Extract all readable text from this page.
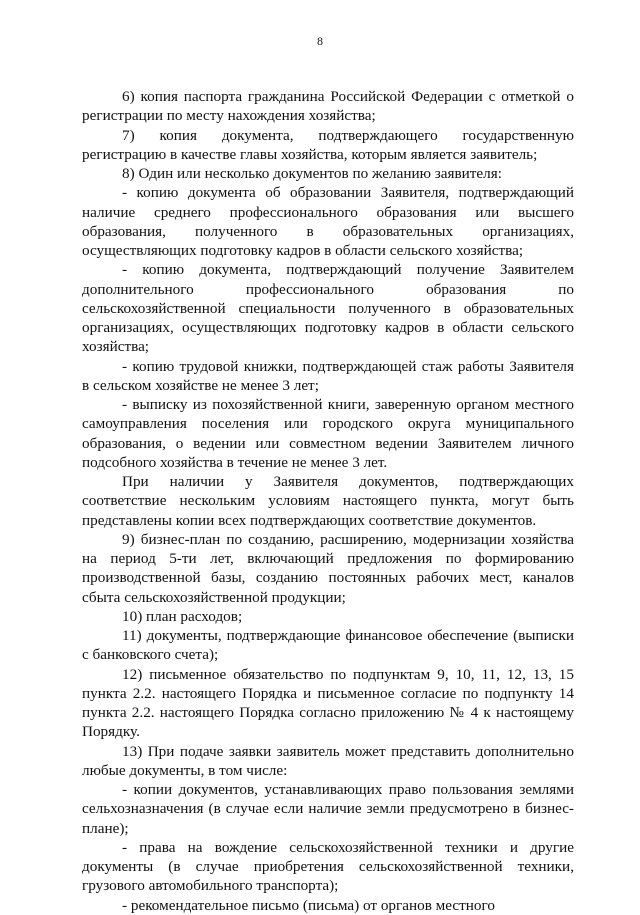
8

6) копия паспорта гражданина Российской Федерации с отметкой о регистрации по месту нахождения хозяйства;

7) копия документа, подтверждающего государственную регистрацию в качестве главы хозяйства, которым является заявитель;

8) Один или несколько документов по желанию заявителя:

- копию документа об образовании Заявителя, подтверждающий наличие среднего профессионального образования или высшего образования, полученного в образовательных организациях, осуществляющих подготовку кадров в области сельского хозяйства;

- копию документа, подтверждающий получение Заявителем дополнительного профессионального образования по сельскохозяйственной специальности полученного в образовательных организациях, осуществляющих подготовку кадров в области сельского хозяйства;

- копию трудовой книжки, подтверждающей стаж работы Заявителя в сельском хозяйстве не менее 3 лет;

- выписку из похозяйственной книги, заверенную органом местного самоуправления поселения или городского округа муниципального образования, о ведении или совместном ведении Заявителем личного подсобного хозяйства в течение не менее 3 лет.

При наличии у Заявителя документов, подтверждающих соответствие нескольким условиям настоящего пункта, могут быть представлены копии всех подтверждающих соответствие документов.

9) бизнес-план по созданию, расширению, модернизации хозяйства на период 5-ти лет, включающий предложения по формированию производственной базы, созданию постоянных рабочих мест, каналов сбыта сельскохозяйственной продукции;

10) план расходов;

11) документы, подтверждающие финансовое обеспечение (выписки с банковского счета);

12) письменное обязательство по подпунктам 9, 10, 11, 12, 13, 15 пункта 2.2. настоящего Порядка и письменное согласие по подпункту 14 пункта 2.2. настоящего Порядка согласно приложению № 4 к настоящему Порядку.

13) При подаче заявки заявитель может представить дополнительно любые документы, в том числе:

- копии документов, устанавливающих право пользования землями сельхозназначения (в случае если наличие земли предусмотрено в бизнес-плане);

- права на вождение сельскохозяйственной техники и другие документы (в случае приобретения сельскохозяйственной техники, грузового автомобильного транспорта);

- рекомендательное письмо (письма) от органов местного
